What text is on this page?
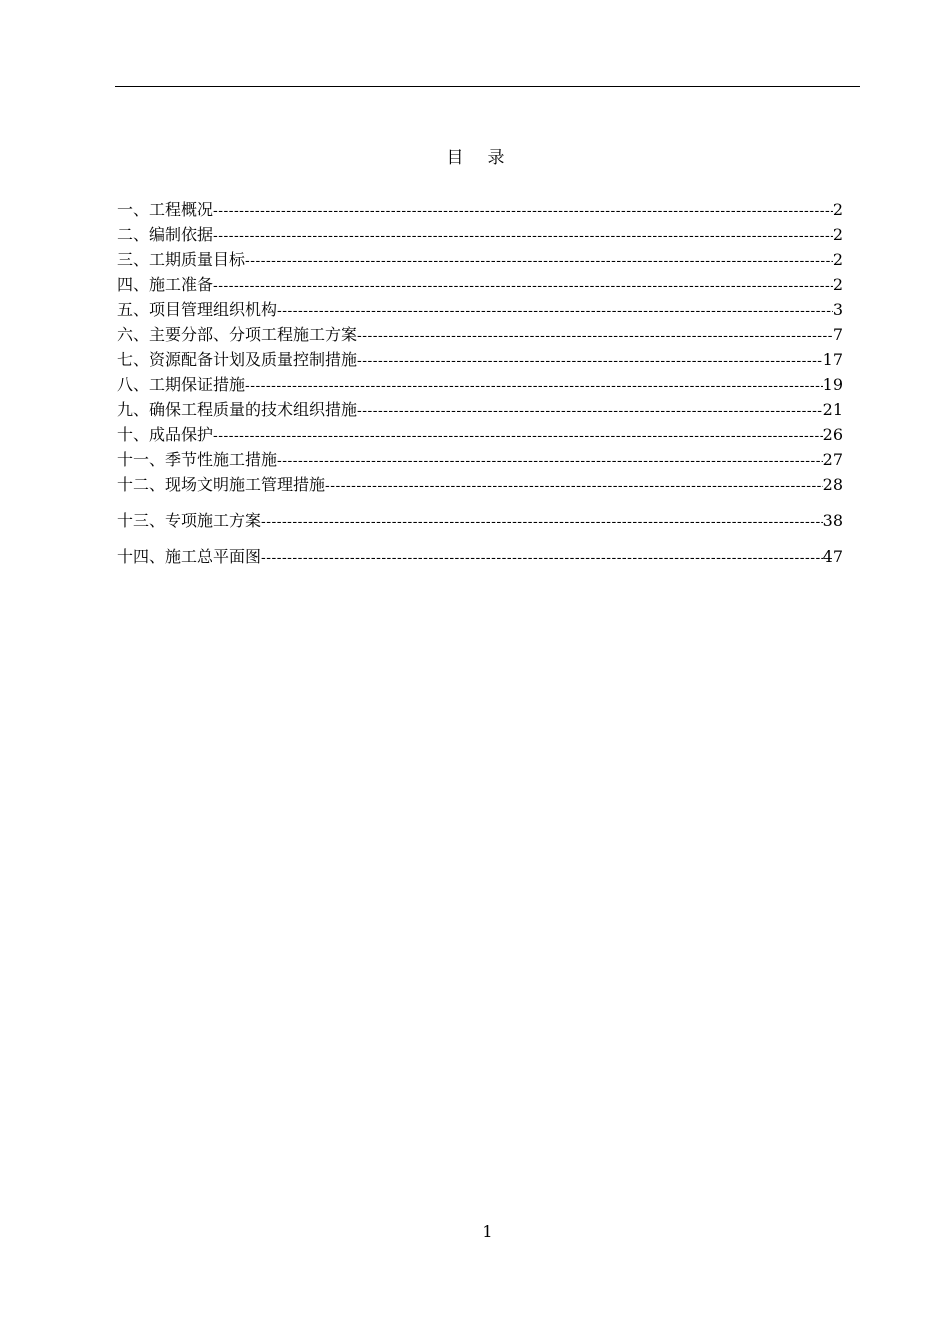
目录
一、工程概况 -----	2
二、编制依据 -----	2
三、工期质量目标 -----	2
四、施工准备 -----	2
五、项目管理组织机构 -----	3
六、主要分部、分项工程施工方案 -----	7
七、资源配备计划及质量控制措施 -----	17
八、工期保证措施 -----	19
九、确保工程质量的技术组织措施 -----	21
十、成品保护 -----	26
十一、季节性施工措施 -----	27
十二、现场文明施工管理措施 -----	28
十三、专项施工方案 -----	38
十四、施工总平面图 -----	47
1
